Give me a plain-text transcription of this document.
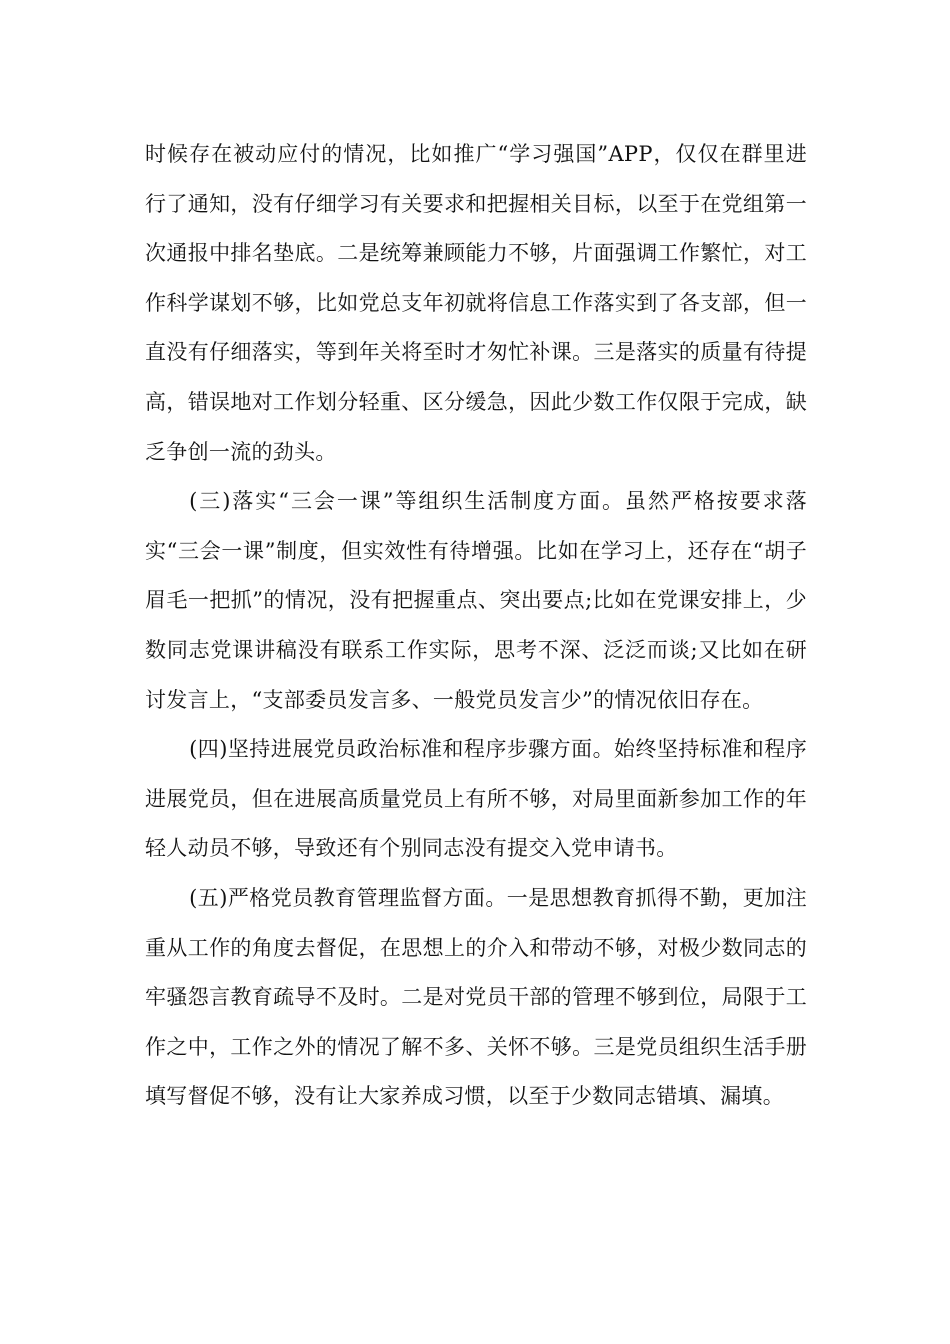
时候存在被动应付的情况，比如推广“学习强国”APP，仅仅在群里进行了通知，没有仔细学习有关要求和把握相关目标，以至于在党组第一次通报中排名垫底。二是统筹兼顾能力不够，片面强调工作繁忙，对工作科学谋划不够，比如党总支年初就将信息工作落实到了各支部，但一直没有仔细落实，等到年关将至时才匆忙补课。三是落实的质量有待提高，错误地对工作划分轻重、区分缓急，因此少数工作仅限于完成，缺乏争创一流的劲头。

(三)落实“三会一课”等组织生活制度方面。虽然严格按要求落实“三会一课”制度，但实效性有待增强。比如在学习上，还存在“胡子眉毛一把抓”的情况，没有把握重点、突出要点;比如在党课安排上，少数同志党课讲稿没有联系工作实际，思考不深、泛泛而谈;又比如在研讨发言上，“支部委员发言多、一般党员发言少”的情况依旧存在。

(四)坚持进展党员政治标准和程序步骤方面。始终坚持标准和程序进展党员，但在进展高质量党员上有所不够，对局里面新参加工作的年轻人动员不够，导致还有个别同志没有提交入党申请书。

(五)严格党员教育管理监督方面。一是思想教育抓得不勤，更加注重从工作的角度去督促，在思想上的介入和带动不够，对极少数同志的牢骚怨言教育疏导不及时。二是对党员干部的管理不够到位，局限于工作之中，工作之外的情况了解不多、关怀不够。三是党员组织生活手册填写督促不够，没有让大家养成习惯，以至于少数同志错填、漏填。
